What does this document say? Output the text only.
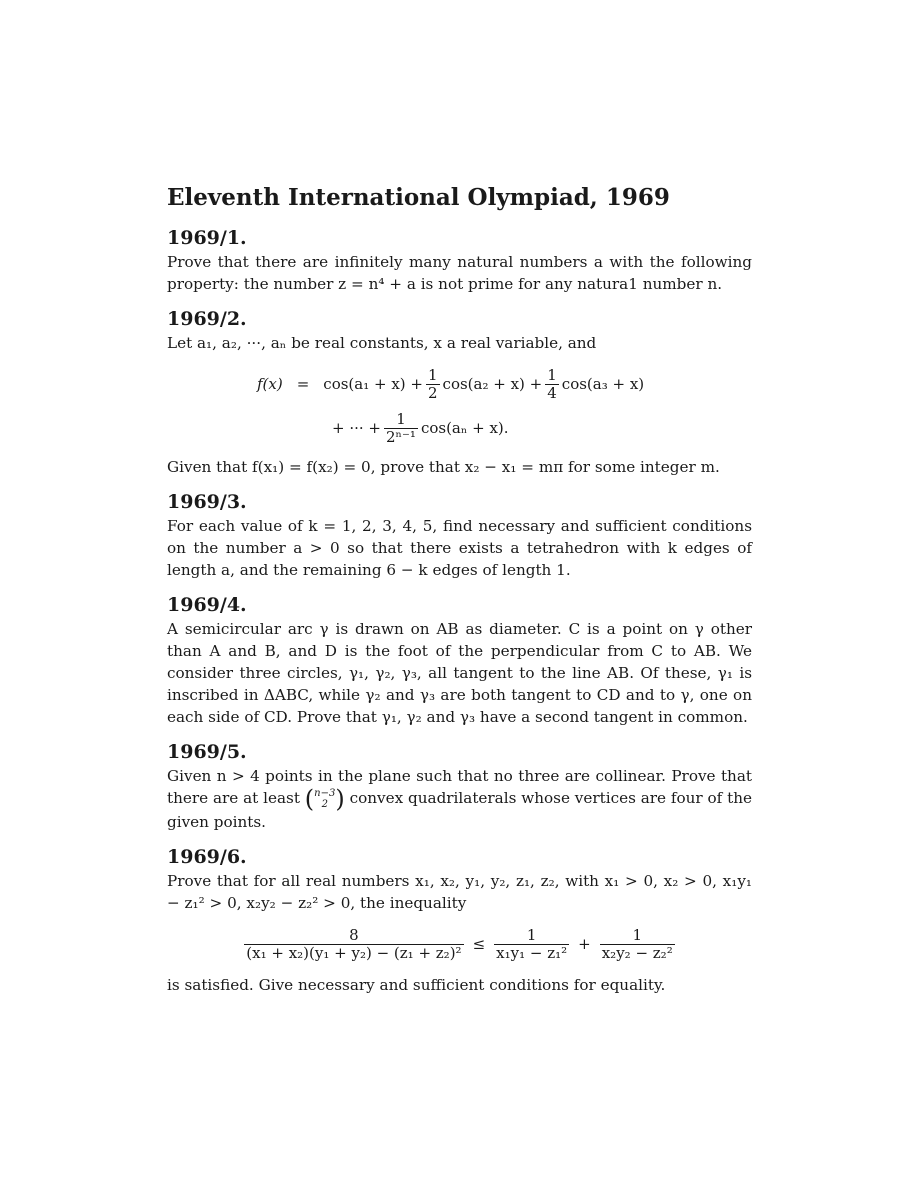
Eleventh International Olympiad, 1969
1969/1.
Prove that there are infinitely many natural numbers a with the following property: the number z = n⁴ + a is not prime for any natura1 number n.
1969/2.
Let a₁, a₂, ···, aₙ be real constants, x a real variable, and
$f(x) = \cos(a_1 + x) + \frac{1}{2} \cos(a_2 + x) + \frac{1}{4} \cos(a_3 + x)$
+ ··· + $\frac{1}{\text{2ⁿ⁻¹}} \cos(a_n + x)$.
Given that f(x₁) = f(x₂) = 0, prove that x₂ − x₁ = mπ for some integer m.
1969/3.
For each value of k = 1, 2, 3, 4, 5, find necessary and sufficient conditions on the number a > 0 so that there exists a tetrahedron with k edges of length a, and the remaining 6 − k edges of length 1.
1969/4.
A semicircular arc γ is drawn on AB as diameter. C is a point on γ other than A and B, and D is the foot of the perpendicular from C to AB. We consider three circles, γ₁, γ₂, γ₃, all tangent to the line AB. Of these, γ₁ is inscribed in ΔABC, while γ₂ and γ₃ are both tangent to CD and to γ, one on each side of CD. Prove that γ₁, γ₂ and γ₃ have a second tangent in common.
1969/5.
Given n > 4 points in the plane such that no three are collinear. Prove that there are at least ( n−3
2 ) convex quadrilaterals whose vertices are four of the given points.
1969/6.
Prove that for all real numbers x₁, x₂, y₁, y₂, z₁, z₂, with x₁ > 0, x₂ > 0, x₁y₁ − z₁² > 0, x₂y₂ − z₂² > 0, the inequality
$\frac{8}{\text{(x₁ + x₂)(y₁ + y₂) − (z₁ + z₂)²}} \le \frac{1}{\text{x₁y₁ − z₁²}} + \frac{1}{\text{x₂y₂ − z₂²}}$
is satisfied. Give necessary and sufficient conditions for equality.
